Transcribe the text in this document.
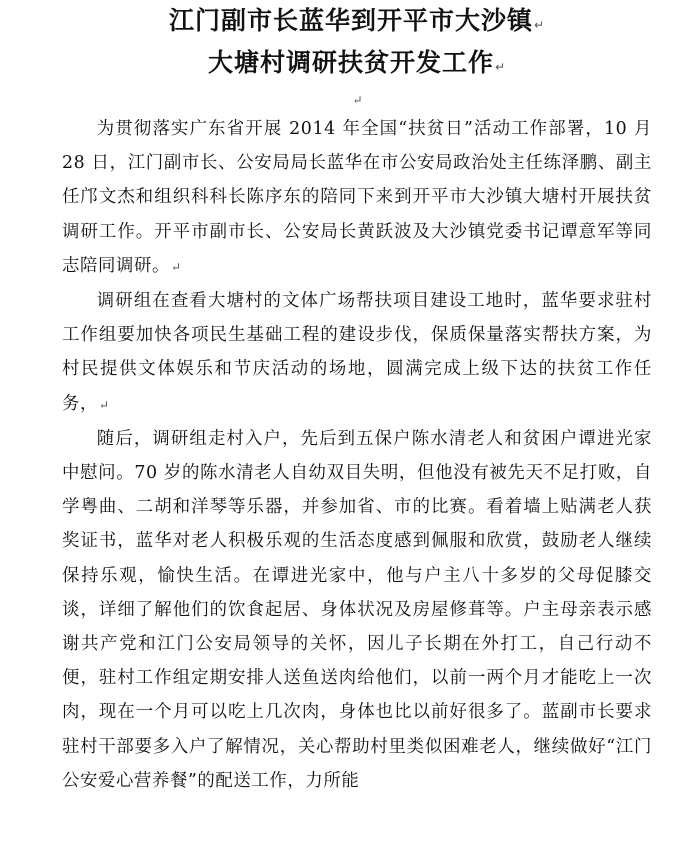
江门副市长蓝华到开平市大沙镇↵
大塘村调研扶贫开发工作↵
↵

为贯彻落实广东省开展 2014 年全国“扶贫日”活动工作部署，10 月 28 日，江门副市长、公安局局长蓝华在市公安局政治处主任练泽鹏、副主任邝文杰和组织科科长陈序东的陪同下来到开平市大沙镇大塘村开展扶贫调研工作。开平市副市长、公安局长黄跃波及大沙镇党委书记谭意军等同志陪同调研。↵

调研组在查看大塘村的文体广场帮扶项目建设工地时，蓝华要求驻村工作组要加快各项民生基础工程的建设步伐，保质保量落实帮扶方案，为村民提供文体娱乐和节庆活动的场地，圆满完成上级下达的扶贫工作任务，↵

随后，调研组走村入户，先后到五保户陈水清老人和贫困户谭进光家中慰问。70 岁的陈水清老人自幼双目失明，但他没有被先天不足打败，自学粤曲、二胡和洋琴等乐器，并参加省、市的比赛。看着墙上贴满老人获奖证书，蓝华对老人积极乐观的生活态度感到佩服和欣赏，鼓励老人继续保持乐观，愉快生活。在谭进光家中，他与户主八十多岁的父母促膝交谈，详细了解他们的饮食起居、身体状况及房屋修葺等。户主母亲表示感谢共产党和江门公安局领导的关怀，因儿子长期在外打工，自己行动不便，驻村工作组定期安排人送鱼送肉给他们，以前一两个月才能吃上一次肉，现在一个月可以吃上几次肉，身体也比以前好很多了。蓝副市长要求驻村干部要多入户了解情况，关心帮助村里类似困难老人，继续做好“江门公安爱心营养餐”的配送工作，力所能
